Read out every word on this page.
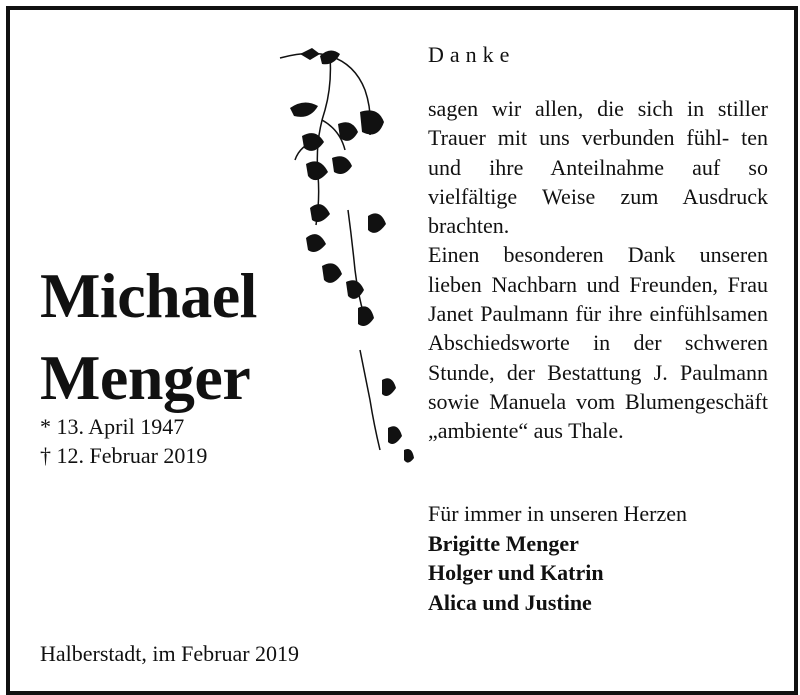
Michael
Menger
* 13. April 1947
† 12. Februar 2019
Halberstadt, im Februar 2019
Danke

sagen wir allen, die sich in stiller Trauer mit uns verbunden fühl- ten und ihre Anteilnahme auf so vielfältige Weise zum Ausdruck brachten.

Einen besonderen Dank unseren lieben Nachbarn und Freunden, Frau Janet Paulmann für ihre einfühlsamen Abschiedsworte in der schweren Stunde, der Bestattung J. Paulmann sowie Manuela vom Blumengeschäft „ambiente“ aus Thale.

Für immer in unseren Herzen
Brigitte Menger
Holger und Katrin
Alica und Justine
